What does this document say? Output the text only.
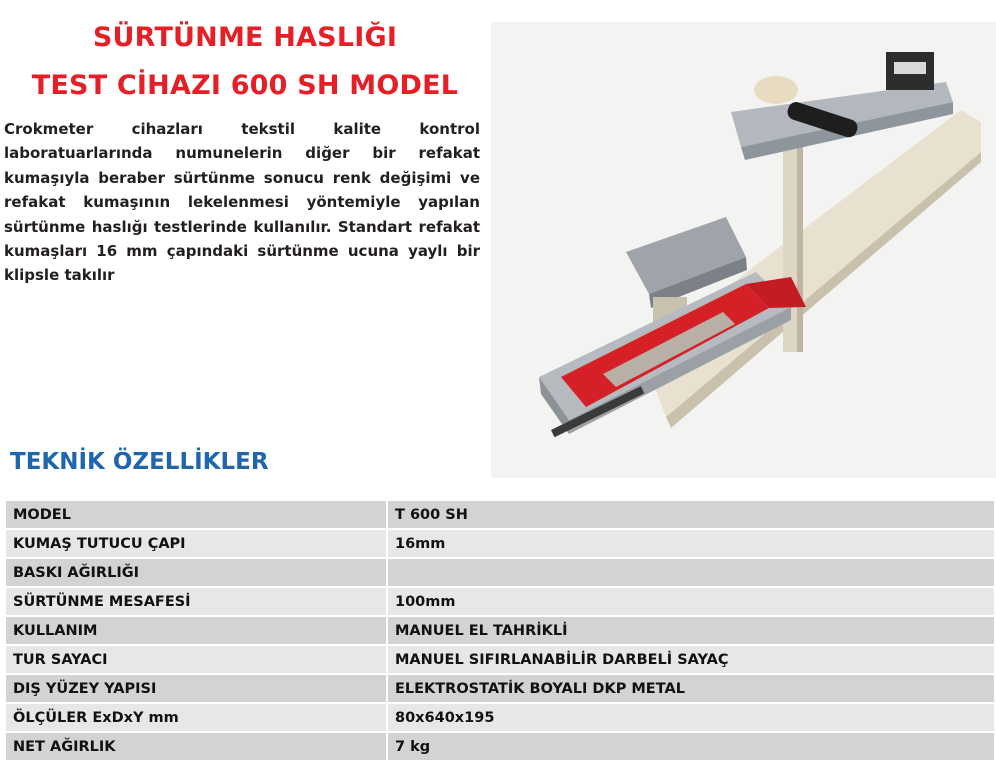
SÜRTÜNME HASLIĞI
TEST CİHAZI 600 SH MODEL

Crokmeter cihazları tekstil kalite kontrol laboratuarlarında numunelerin diğer bir refakat kumaşıyla beraber sürtünme sonucu renk değişimi ve refakat kumaşının lekelenmesi yöntemiyle yapılan sürtünme haslığı testlerinde kullanılır. Standart refakat kumaşları 16 mm çapındaki sürtünme ucuna yaylı bir klipsle takılır

TEKNİK ÖZELLİKLER
MODEL	T 600 SH
KUMAŞ TUTUCU ÇAPI	16mm
BASKI AĞIRLIĞI	
SÜRTÜNME MESAFESİ	100mm
KULLANIM	MANUEL EL TAHRİKLİ
TUR SAYACI	MANUEL SIFIRLANABİLİR DARBELİ SAYAÇ
DIŞ YÜZEY YAPISI	ELEKTROSTATİK BOYALI DKP METAL
ÖLÇÜLER ExDxY mm	80x640x195
NET AĞIRLIK	7 kg
